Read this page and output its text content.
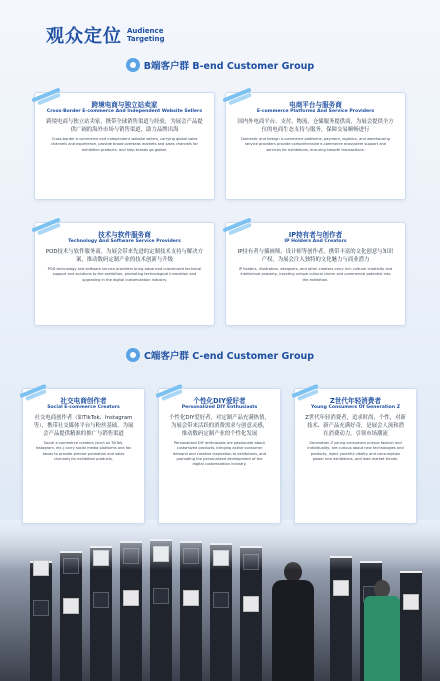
观众定位 Audience
Targeting
B端客户群 B-end Customer Group
跨境电商与独立站卖家
Cross-Border E-commerce And Independent Website Sellers

跨境电商与独立站卖家，携带全球销售渠道与经验，为展会产品提供广阔的海外市场与销售渠道，助力品牌出海

Cross-border e-commerce and independent website sellers, carrying global sales channels and experience, provide broad overseas markets and sales channels for exhibition products, and help brands go global.

电商平台与服务商
E-commerce Platforms And Service Providers

国内外电商平台、支付、物流、仓储服务提供商，为展会提供全方位的电商生态支持与服务，保障交易顺畅进行

Domestic and foreign e-commerce platforms, payment, logistics, and warehousing service providers provide comprehensive e-commerce ecosystem support and services for exhibitions, ensuring smooth transactions.

技术与软件服务商
Technology And Software Service Providers

POD技术与软件服务商，为展会带来先进的定制技术支持与解决方案，推动数码定制产业的技术创新与升级

POD technology and software service providers bring advanced customized technical support and solutions to the exhibition, promoting technological innovation and upgrading in the digital customization industry.

IP持有者与创作者
IP Holders And Creators

IP持有者与插画师、设计师等创作者，携带丰富的文化创意与知识产权，为展会注入独特的文化魅力与商业潜力

IP holders, illustrators, designers, and other creators carry rich cultural creativity and intellectual property, injecting unique cultural charm and commercial potential into the exhibition.

C端客户群 C-end Customer Group
社交电商创作者
Social E-commerce Creators

社交电商创作者（如TikTok、Instagram等），携带社交媒体平台与粉丝基础，为展会产品提供精准的推广与销售渠道

Social e-commerce creators (such as TikTok, Instagram, etc.) carry social media platforms and fan bases to provide precise promotion and sales channels for exhibition products.

个性化DIY爱好者
Personalized DIY Enthusiasts

个性化DIY爱好者，对定制产品充满热情，为展会带来活跃的消费需求与创意灵感，推动数码定制产业的个性化发展

Personalized DIY enthusiasts are passionate about customized products, bringing active consumer demand and creative inspiration to exhibitions, and promoting the personalized development of the digital customization industry.

Z世代年轻消费者
Young Consumers Of Generation Z

Z世代年轻消费者，追求时尚、个性，对新技术、新产品充满好奇，是展会人流和潜在消费动力，引领市场潮流

Generation Z young consumers pursue fashion and individuality, are curious about new technologies and products, inject youthful vitality and consumption power into exhibitions, and lead market trends.
